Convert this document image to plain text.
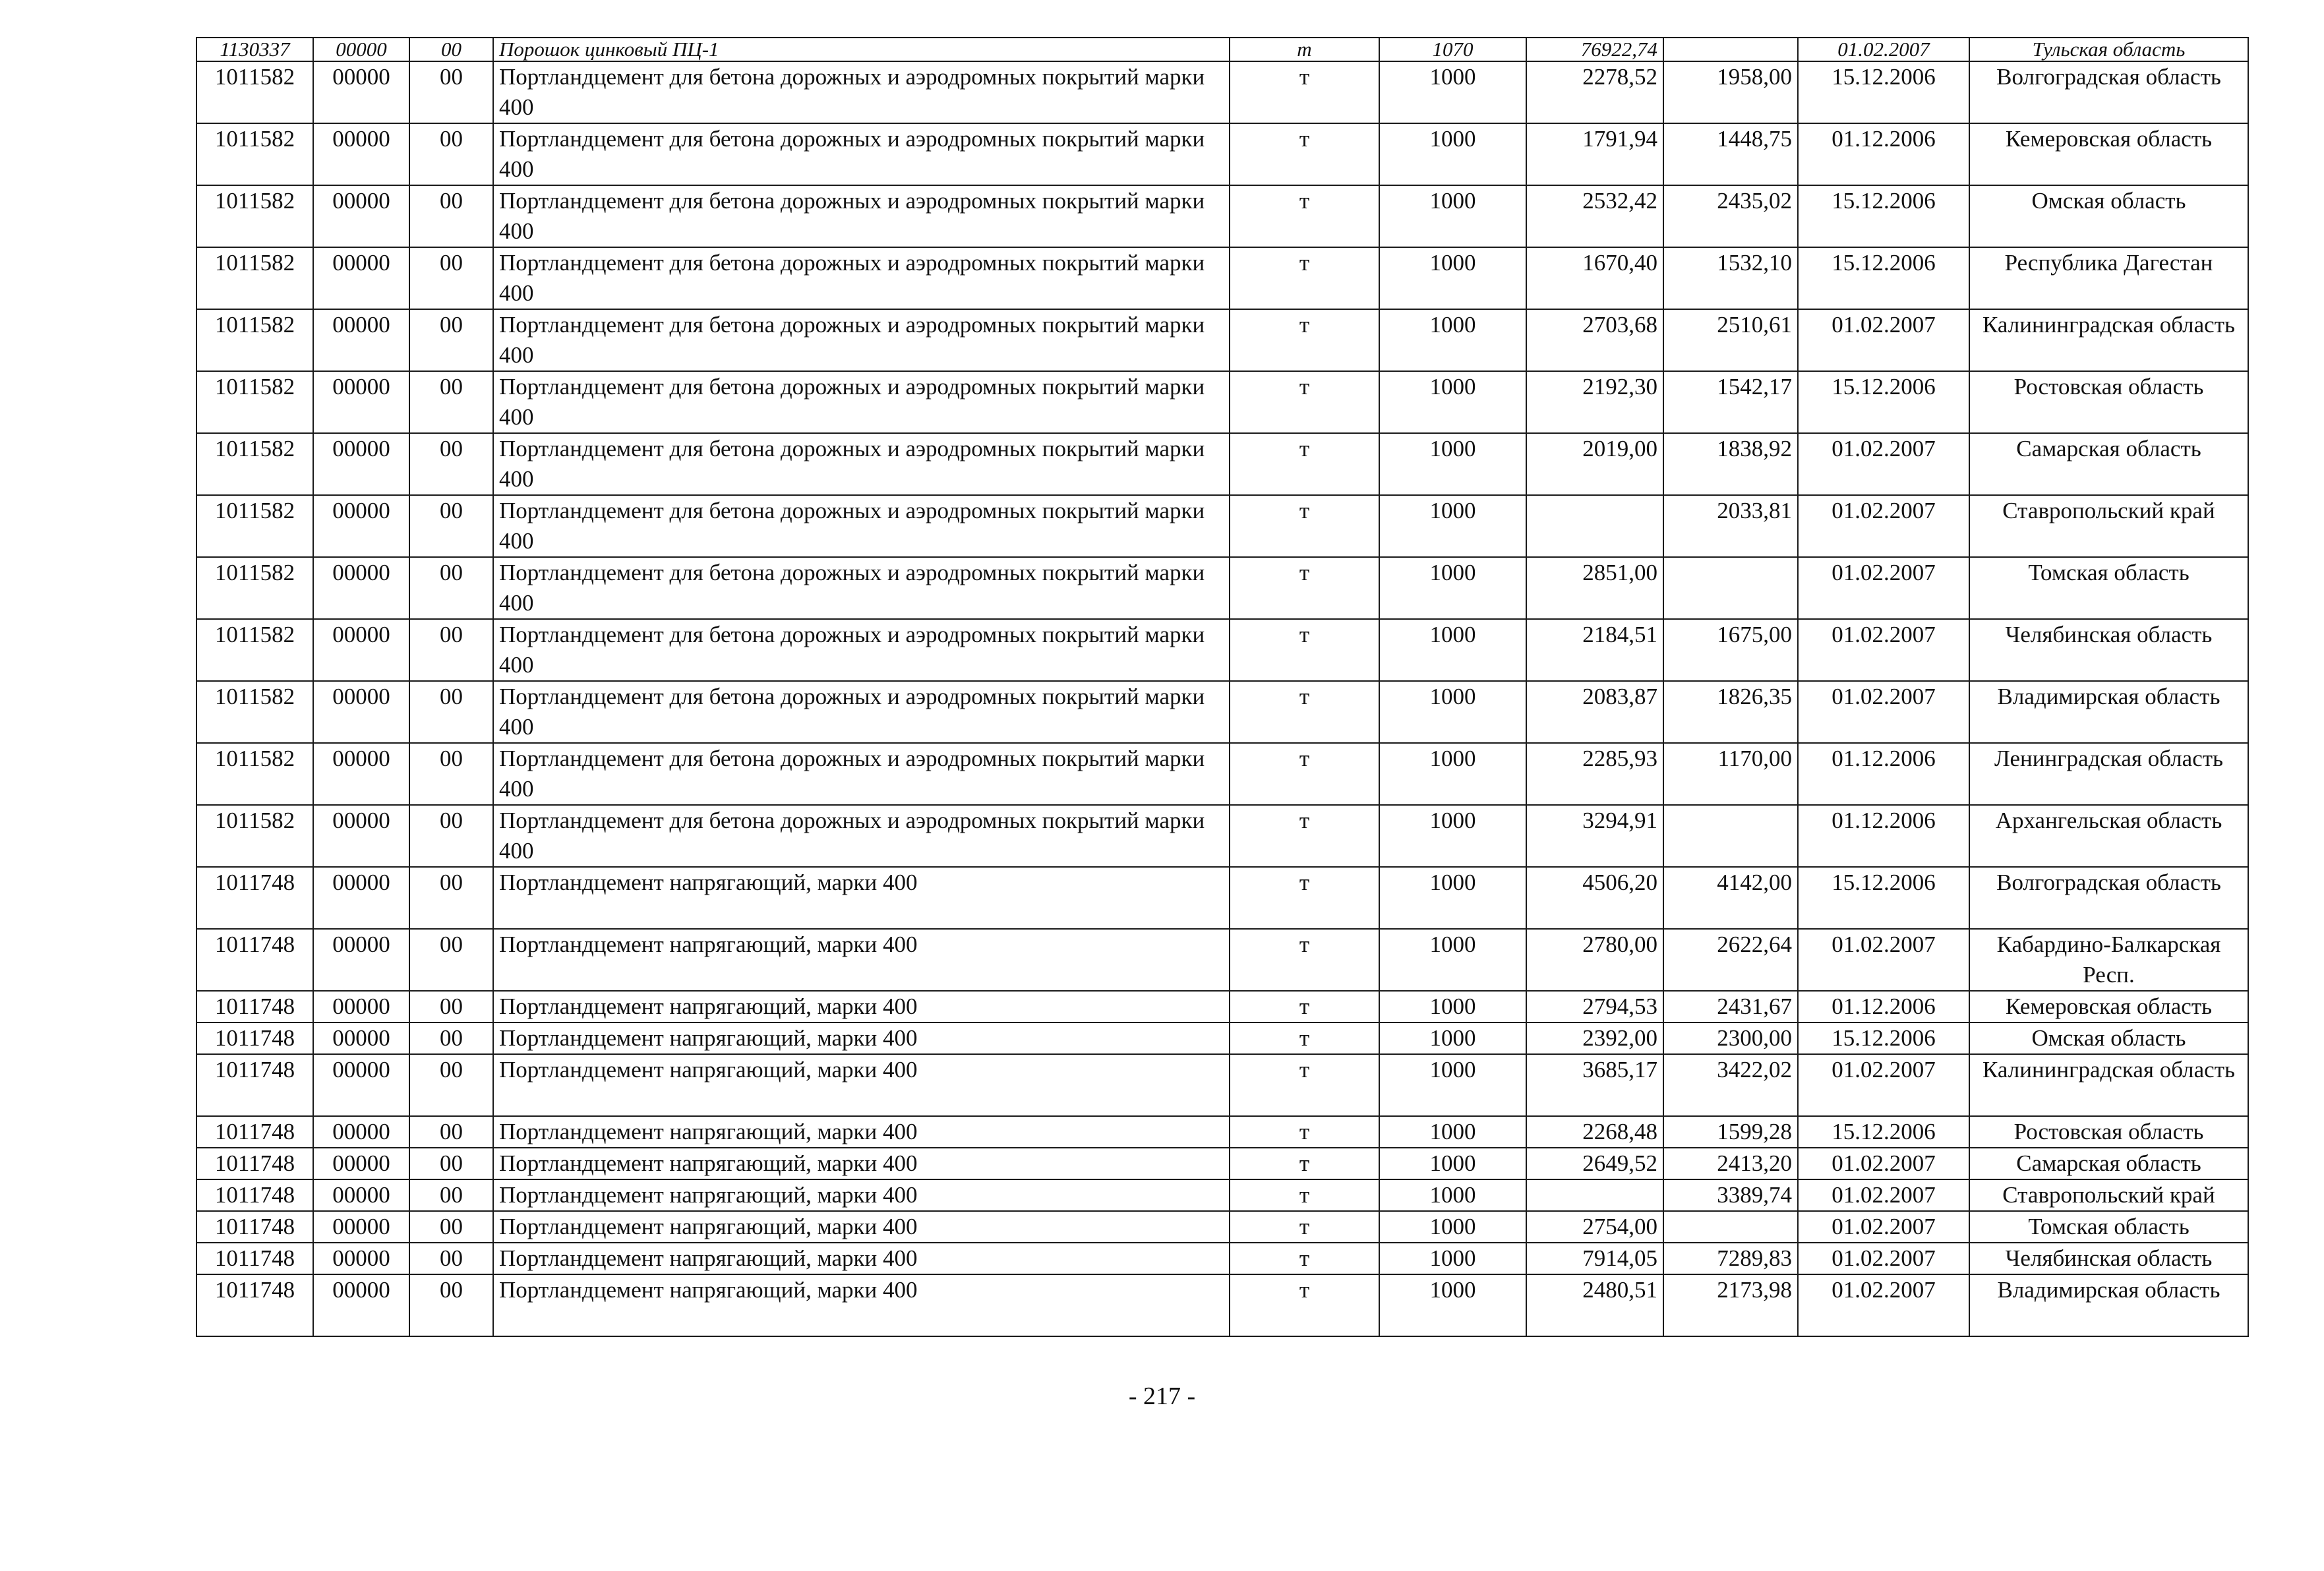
1130337	00000	00	Порошок цинковый ПЦ-1	т	1070	76922,74		01.02.2007	Тульская область
1011582	00000	00	Портландцемент для бетона дорожных и аэродромных покрытий марки 400	т	1000	2278,52	1958,00	15.12.2006	Волгоградская область
1011582	00000	00	Портландцемент для бетона дорожных и аэродромных покрытий марки 400	т	1000	1791,94	1448,75	01.12.2006	Кемеровская область
1011582	00000	00	Портландцемент для бетона дорожных и аэродромных покрытий марки 400	т	1000	2532,42	2435,02	15.12.2006	Омская область
1011582	00000	00	Портландцемент для бетона дорожных и аэродромных покрытий марки 400	т	1000	1670,40	1532,10	15.12.2006	Республика Дагестан
1011582	00000	00	Портландцемент для бетона дорожных и аэродромных покрытий марки 400	т	1000	2703,68	2510,61	01.02.2007	Калининградская область
1011582	00000	00	Портландцемент для бетона дорожных и аэродромных покрытий марки 400	т	1000	2192,30	1542,17	15.12.2006	Ростовская область
1011582	00000	00	Портландцемент для бетона дорожных и аэродромных покрытий марки 400	т	1000	2019,00	1838,92	01.02.2007	Самарская область
1011582	00000	00	Портландцемент для бетона дорожных и аэродромных покрытий марки 400	т	1000		2033,81	01.02.2007	Ставропольский край
1011582	00000	00	Портландцемент для бетона дорожных и аэродромных покрытий марки 400	т	1000	2851,00		01.02.2007	Томская область
1011582	00000	00	Портландцемент для бетона дорожных и аэродромных покрытий марки 400	т	1000	2184,51	1675,00	01.02.2007	Челябинская область
1011582	00000	00	Портландцемент для бетона дорожных и аэродромных покрытий марки 400	т	1000	2083,87	1826,35	01.02.2007	Владимирская область
1011582	00000	00	Портландцемент для бетона дорожных и аэродромных покрытий марки 400	т	1000	2285,93	1170,00	01.12.2006	Ленинградская область
1011582	00000	00	Портландцемент для бетона дорожных и аэродромных покрытий марки 400	т	1000	3294,91		01.12.2006	Архангельская область
1011748	00000	00	Портландцемент напрягающий, марки 400	т	1000	4506,20	4142,00	15.12.2006	Волгоградская область
1011748	00000	00	Портландцемент напрягающий, марки 400	т	1000	2780,00	2622,64	01.02.2007	Кабардино-Балкарская Респ.
1011748	00000	00	Портландцемент напрягающий, марки 400	т	1000	2794,53	2431,67	01.12.2006	Кемеровская область
1011748	00000	00	Портландцемент напрягающий, марки 400	т	1000	2392,00	2300,00	15.12.2006	Омская область
1011748	00000	00	Портландцемент напрягающий, марки 400	т	1000	3685,17	3422,02	01.02.2007	Калининградская область
1011748	00000	00	Портландцемент напрягающий, марки 400	т	1000	2268,48	1599,28	15.12.2006	Ростовская область
1011748	00000	00	Портландцемент напрягающий, марки 400	т	1000	2649,52	2413,20	01.02.2007	Самарская область
1011748	00000	00	Портландцемент напрягающий, марки 400	т	1000		3389,74	01.02.2007	Ставропольский край
1011748	00000	00	Портландцемент напрягающий, марки 400	т	1000	2754,00		01.02.2007	Томская область
1011748	00000	00	Портландцемент напрягающий, марки 400	т	1000	7914,05	7289,83	01.02.2007	Челябинская область
1011748	00000	00	Портландцемент напрягающий, марки 400	т	1000	2480,51	2173,98	01.02.2007	Владимирская область
- 217 -
